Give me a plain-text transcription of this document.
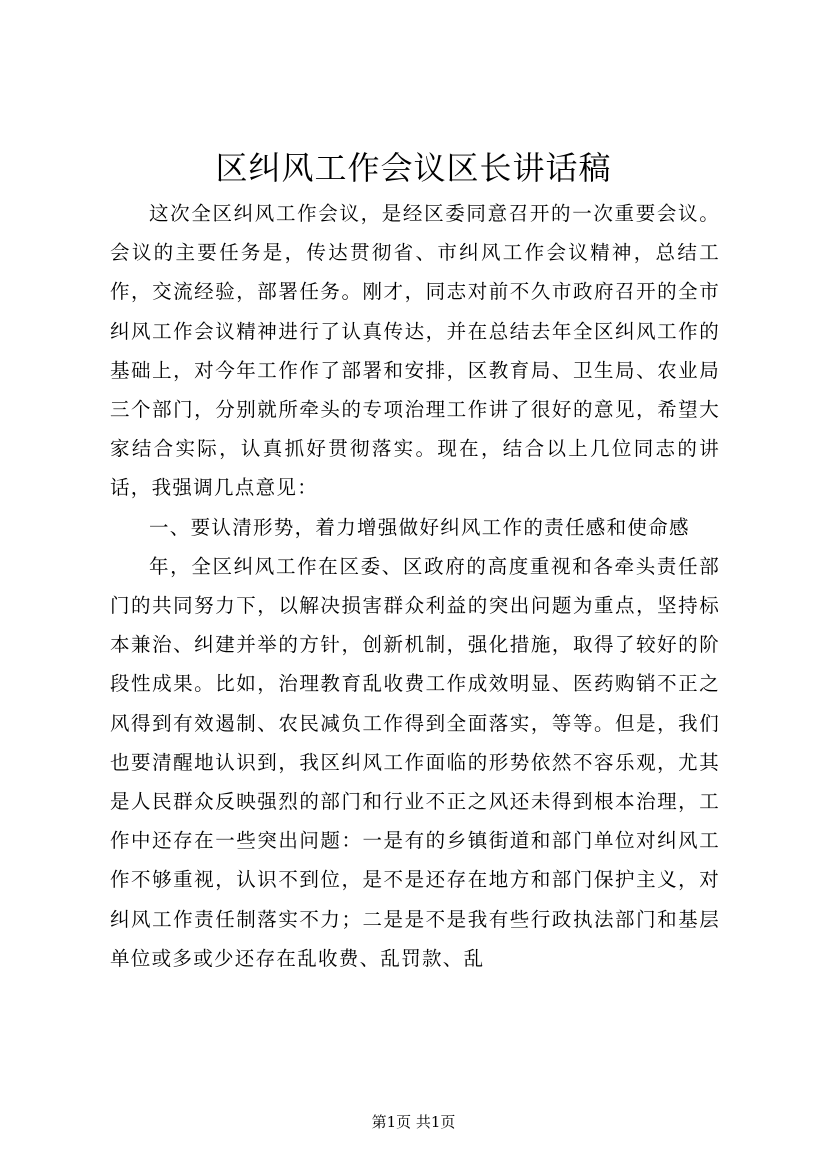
区纠风工作会议区长讲话稿

这次全区纠风工作会议，是经区委同意召开的一次重要会议。会议的主要任务是，传达贯彻省、市纠风工作会议精神，总结工作，交流经验，部署任务。刚才，同志对前不久市政府召开的全市纠风工作会议精神进行了认真传达，并在总结去年全区纠风工作的基础上，对今年工作作了部署和安排，区教育局、卫生局、农业局三个部门，分别就所牵头的专项治理工作讲了很好的意见，希望大家结合实际，认真抓好贯彻落实。现在，结合以上几位同志的讲话，我强调几点意见：

一、要认清形势，着力增强做好纠风工作的责任感和使命感

年，全区纠风工作在区委、区政府的高度重视和各牵头责任部门的共同努力下，以解决损害群众利益的突出问题为重点，坚持标本兼治、纠建并举的方针，创新机制，强化措施，取得了较好的阶段性成果。比如，治理教育乱收费工作成效明显、医药购销不正之风得到有效遏制、农民减负工作得到全面落实，等等。但是，我们也要清醒地认识到，我区纠风工作面临的形势依然不容乐观，尤其是人民群众反映强烈的部门和行业不正之风还未得到根本治理，工作中还存在一些突出问题：一是有的乡镇街道和部门单位对纠风工作不够重视，认识不到位，是不是还存在地方和部门保护主义，对纠风工作责任制落实不力；二是是不是我有些行政执法部门和基层单位或多或少还存在乱收费、乱罚款、乱

第1页 共1页
